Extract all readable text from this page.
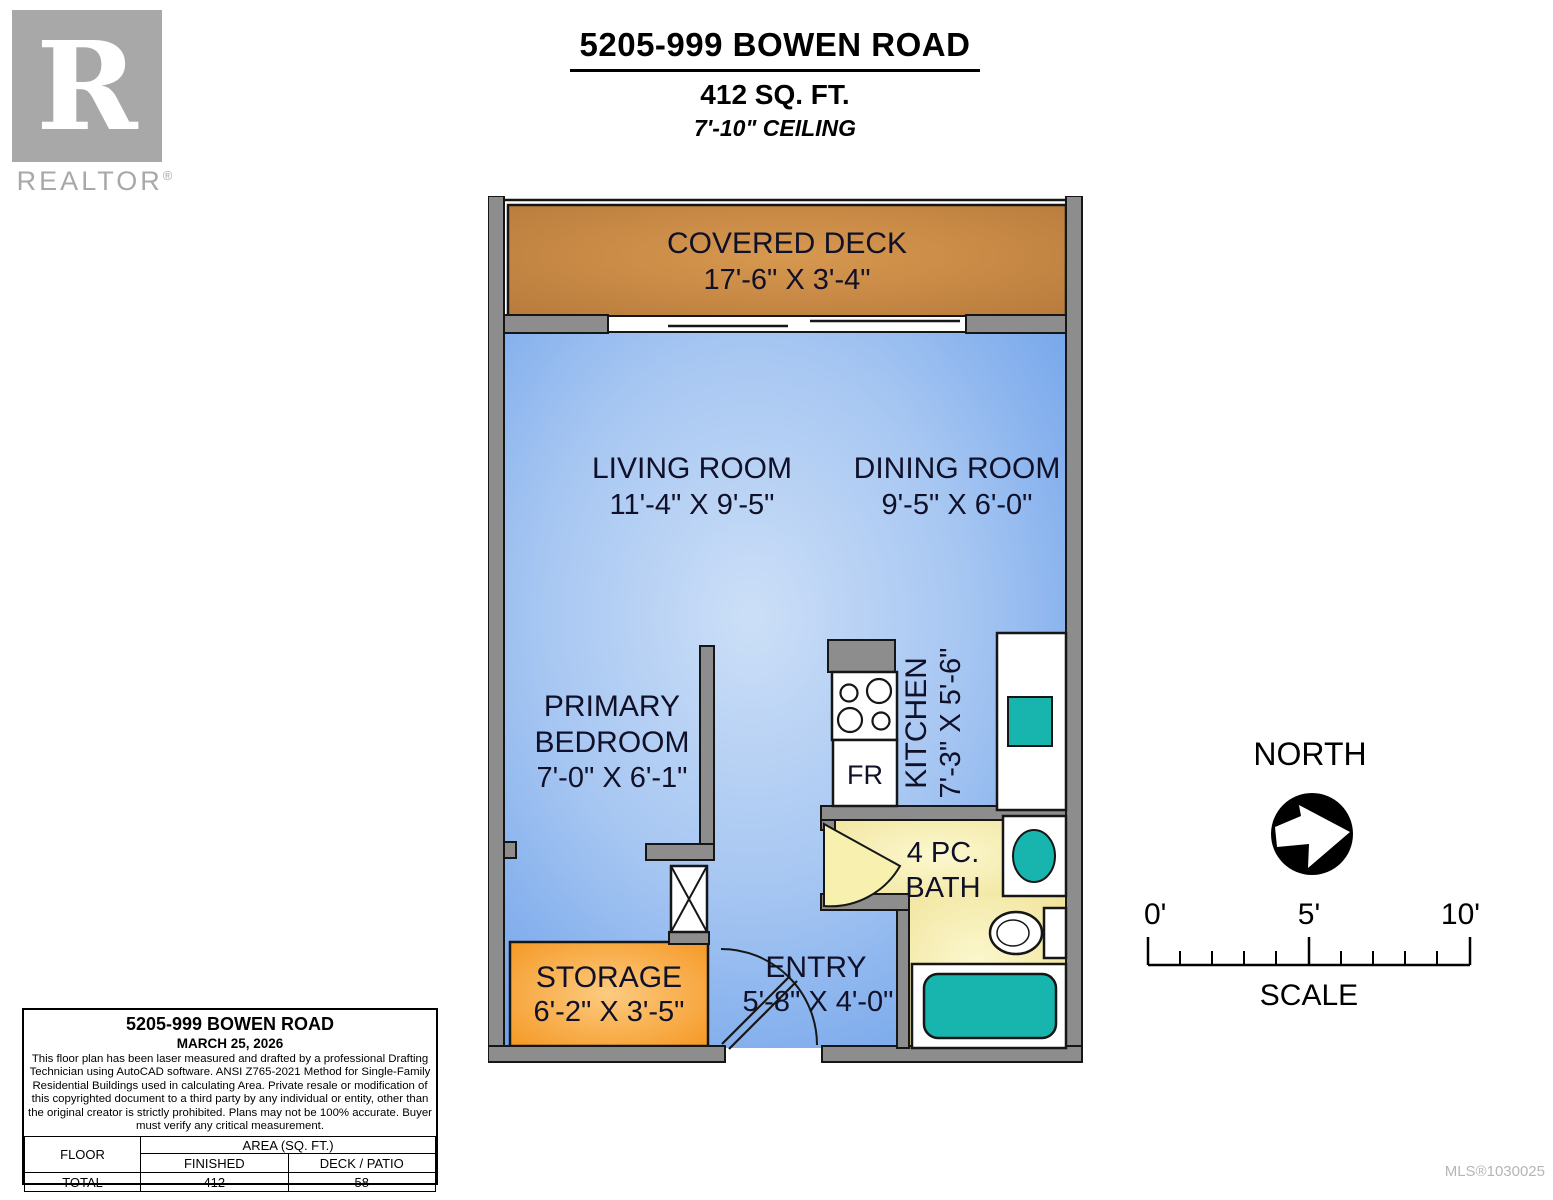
R
REALTOR®
5205-999 BOWEN ROAD
412 SQ. FT.
7'-10" CEILING
COVERED DECK
17'-6" X 3'-4"
FR
LIVING ROOM
11'-4" X 9'-5"
DINING ROOM
9'-5" X 6'-0"
PRIMARY
BEDROOM
7'-0" X 6'-1"	KITCHEN 7'-3" X 5'-6"
4 PC.
BATH
STORAGE
6'-2" X 3'-5"
ENTRY
5'-8" X 4'-0"
NORTH
0'	5'	10'
SCALE
5205-999 BOWEN ROAD
MARCH 25, 2026
This floor plan has been laser measured and drafted by a professional Drafting Technician using AutoCAD software. ANSI Z765-2021 Method for Single-Family Residential Buildings used in calculating Area. Private resale or modification of this copyrighted document to a third party by any individual or entity, other than the original creator is strictly prohibited. Plans may not be 100% accurate. Buyer must verify any critical measurement.
FLOOR	AREA (SQ. FT.)	
	FINISHED	DECK / PATIO
TOTAL	412	58
MLS®1030025
